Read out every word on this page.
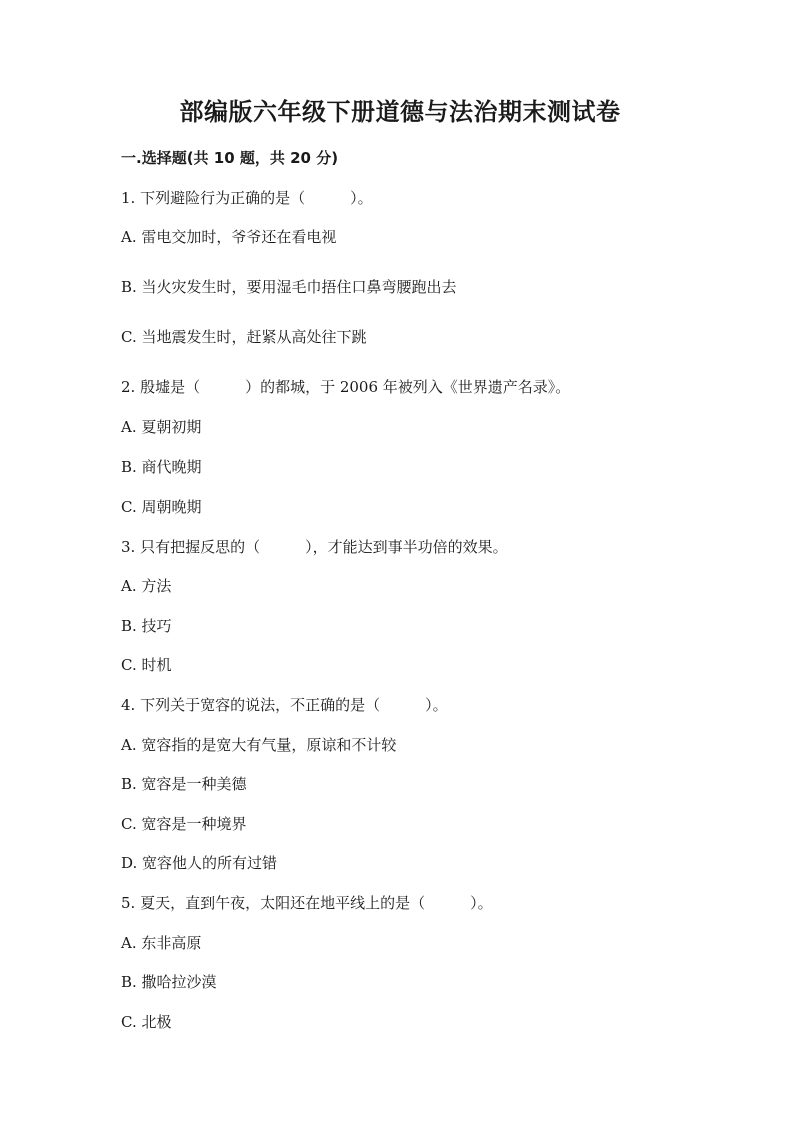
部编版六年级下册道德与法治期末测试卷
一.选择题(共 10 题，共 20 分)
1. 下列避险行为正确的是（　　　）。
A. 雷电交加时，爷爷还在看电视
B. 当火灾发生时，要用湿毛巾捂住口鼻弯腰跑出去
C. 当地震发生时，赶紧从高处往下跳
2. 殷墟是（　　　）的都城，于 2006 年被列入《世界遗产名录》。
A. 夏朝初期
B. 商代晚期
C. 周朝晚期
3. 只有把握反思的（　　　），才能达到事半功倍的效果。
A. 方法
B. 技巧
C. 时机
4. 下列关于宽容的说法，不正确的是（　　　）。
A. 宽容指的是宽大有气量，原谅和不计较
B. 宽容是一种美德
C. 宽容是一种境界
D. 宽容他人的所有过错
5. 夏天，直到午夜，太阳还在地平线上的是（　　　）。
A. 东非高原
B. 撒哈拉沙漠
C. 北极
